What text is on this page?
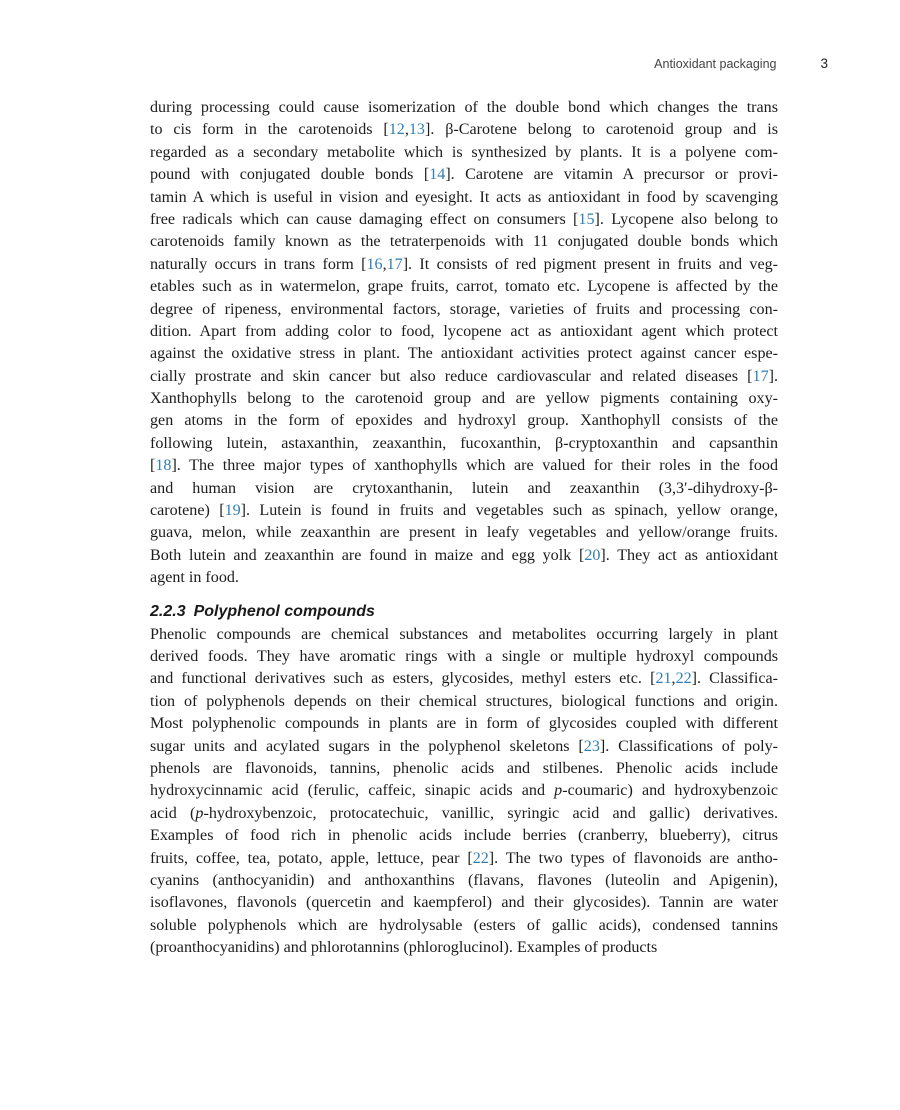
Antioxidant packaging	3
during processing could cause isomerization of the double bond which changes the trans
to cis form in the carotenoids [12,13]. β-Carotene belong to carotenoid group and is
regarded as a secondary metabolite which is synthesized by plants. It is a polyene com-
pound with conjugated double bonds [14]. Carotene are vitamin A precursor or provi-
tamin A which is useful in vision and eyesight. It acts as antioxidant in food by scavenging
free radicals which can cause damaging effect on consumers [15]. Lycopene also belong to
carotenoids family known as the tetraterpenoids with 11 conjugated double bonds which
naturally occurs in trans form [16,17]. It consists of red pigment present in fruits and veg-
etables such as in watermelon, grape fruits, carrot, tomato etc. Lycopene is affected by the
degree of ripeness, environmental factors, storage, varieties of fruits and processing con-
dition. Apart from adding color to food, lycopene act as antioxidant agent which protect
against the oxidative stress in plant. The antioxidant activities protect against cancer espe-
cially prostrate and skin cancer but also reduce cardiovascular and related diseases [17].
Xanthophylls belong to the carotenoid group and are yellow pigments containing oxy-
gen atoms in the form of epoxides and hydroxyl group. Xanthophyll consists of the
following lutein, astaxanthin, zeaxanthin, fucoxanthin, β-cryptoxanthin and capsanthin
[18]. The three major types of xanthophylls which are valued for their roles in the food
and human vision are crytoxanthanin, lutein and zeaxanthin (3,3′-dihydroxy-β-
carotene) [19]. Lutein is found in fruits and vegetables such as spinach, yellow orange,
guava, melon, while zeaxanthin are present in leafy vegetables and yellow/orange fruits.
Both lutein and zeaxanthin are found in maize and egg yolk [20]. They act as antioxidant
agent in food.
2.2.3 Polyphenol compounds
Phenolic compounds are chemical substances and metabolites occurring largely in plant
derived foods. They have aromatic rings with a single or multiple hydroxyl compounds
and functional derivatives such as esters, glycosides, methyl esters etc. [21,22]. Classifica-
tion of polyphenols depends on their chemical structures, biological functions and origin.
Most polyphenolic compounds in plants are in form of glycosides coupled with different
sugar units and acylated sugars in the polyphenol skeletons [23]. Classifications of poly-
phenols are flavonoids, tannins, phenolic acids and stilbenes. Phenolic acids include
hydroxycinnamic acid (ferulic, caffeic, sinapic acids and p-coumaric) and hydroxybenzoic
acid (p-hydroxybenzoic, protocatechuic, vanillic, syringic acid and gallic) derivatives.
Examples of food rich in phenolic acids include berries (cranberry, blueberry), citrus
fruits, coffee, tea, potato, apple, lettuce, pear [22]. The two types of flavonoids are antho-
cyanins (anthocyanidin) and anthoxanthins (flavans, flavones (luteolin and Apigenin),
isoflavones, flavonols (quercetin and kaempferol) and their glycosides). Tannin are water
soluble polyphenols which are hydrolysable (esters of gallic acids), condensed tannins
(proanthocyanidins) and phlorotannins (phloroglucinol). Examples of products
